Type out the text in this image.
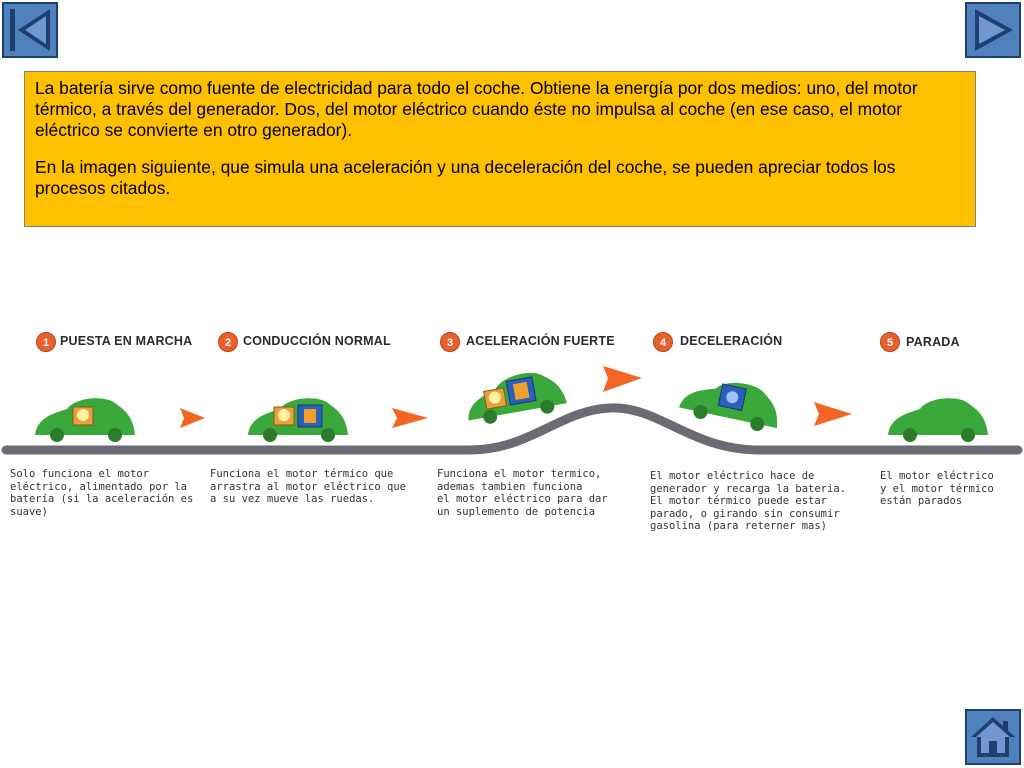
La batería sirve como fuente de electricidad para todo el coche. Obtiene la energía por dos medios: uno, del motor térmico, a través del generador. Dos, del motor eléctrico cuando éste no impulsa al coche (en ese caso, el motor eléctrico se convierte en otro generador).

En la imagen siguiente, que simula una aceleración y una deceleración del coche, se pueden apreciar todos los procesos citados.

1 PUESTA EN MARCHA
Solo funciona el motor
eléctrico, alimentado por la
batería (si la aceleración es
suave)
2 CONDUCCIÓN NORMAL
Funciona el motor térmico que
arrastra al motor eléctrico que
a su vez mueve las ruedas.
3	ACELERACIÓN FUERTE
Funciona el motor termico,
ademas tambien funciona
el motor eléctrico para dar
un suplemento de potencia
4	DECELERACIÓN
El motor eléctrico hace de
generador y recarga la bateria.
El motor térmico puede estar
parado, o girando sin consumir
gasolina (para reterner mas)
5	PARADA
El motor eléctrico
y el motor térmico
están parados
